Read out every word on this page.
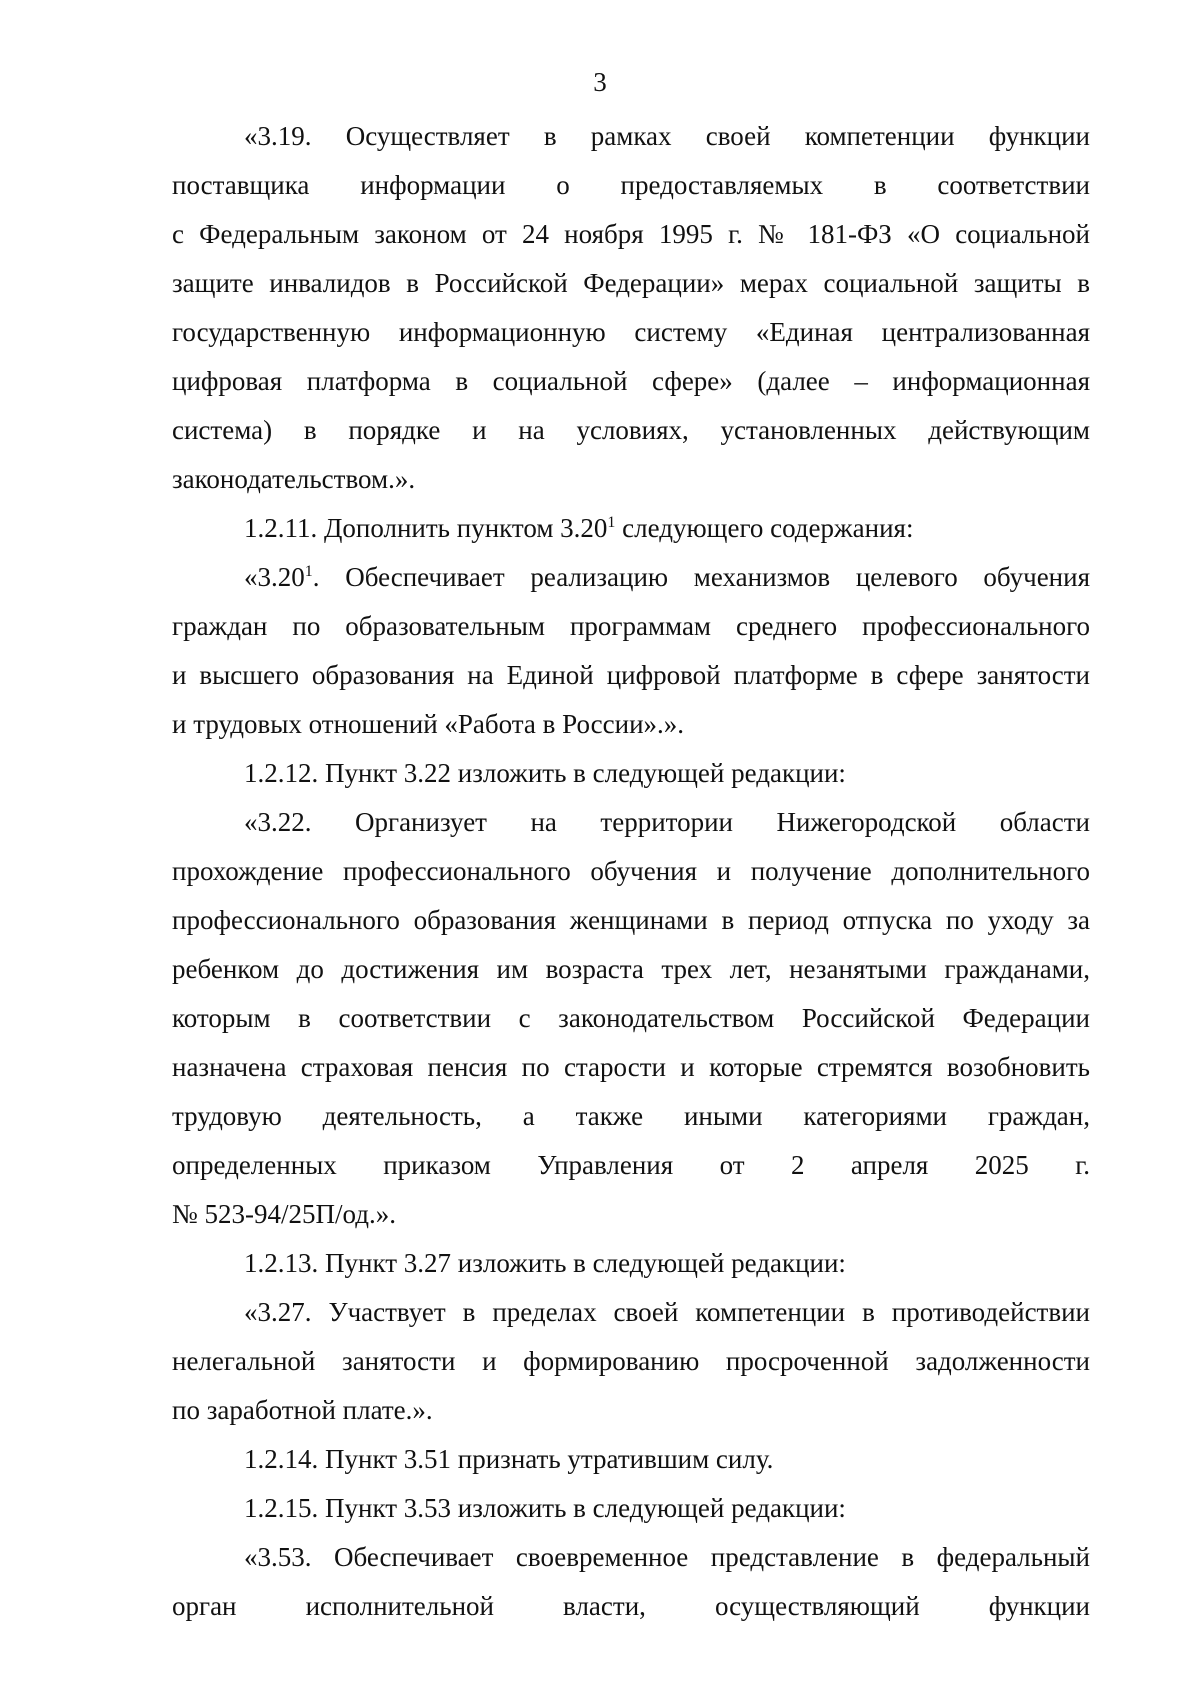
3
«3.19. Осуществляет в рамках своей компетенции функции
поставщика информации о предоставляемых в соответствии
с Федеральным законом от 24 ноября 1995 г. № 181-ФЗ «О социальной
защите инвалидов в Российской Федерации» мерах социальной защиты в
государственную информационную систему «Единая централизованная
цифровая платформа в социальной сфере» (далее – информационная
система) в порядке и на условиях, установленных действующим
законодательством.».
1.2.11. Дополнить пунктом 3.20$^1$ следующего содержания:
«3.20$^1$. Обеспечивает реализацию механизмов целевого обучения
граждан по образовательным программам среднего профессионального
и высшего образования на Единой цифровой платформе в сфере занятости
и трудовых отношений «Работа в России».».
1.2.12. Пункт 3.22 изложить в следующей редакции:
«3.22. Организует на территории Нижегородской области
прохождение профессионального обучения и получение дополнительного
профессионального образования женщинами в период отпуска по уходу за
ребенком до достижения им возраста трех лет, незанятыми гражданами,
которым в соответствии с законодательством Российской Федерации
назначена страховая пенсия по старости и которые стремятся возобновить
трудовую деятельность, а также иными категориями граждан,
определенных приказом Управления от 2 апреля 2025 г.
№ 523-94/25П/од.».
1.2.13. Пункт 3.27 изложить в следующей редакции:
«3.27. Участвует в пределах своей компетенции в противодействии
нелегальной занятости и формированию просроченной задолженности
по заработной плате.».
1.2.14. Пункт 3.51 признать утратившим силу.
1.2.15. Пункт 3.53 изложить в следующей редакции:
«3.53. Обеспечивает своевременное представление в федеральный
орган исполнительной власти, осуществляющий функции
